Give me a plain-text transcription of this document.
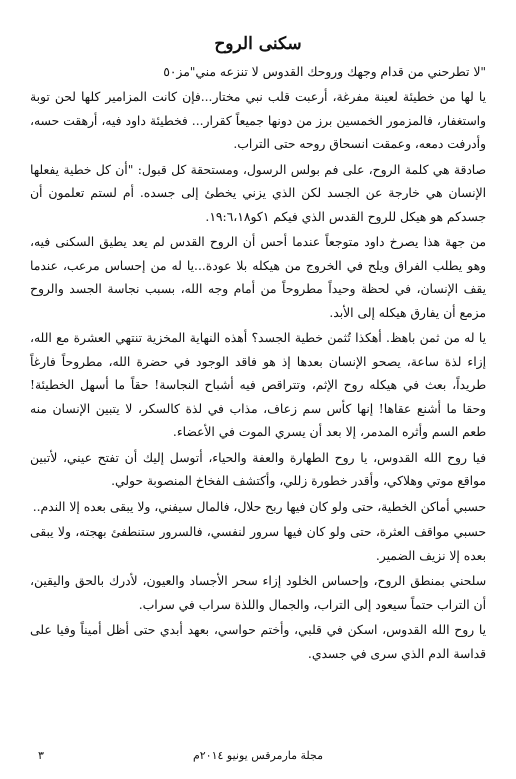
سكنى الروح
"لا تطرحني من قدام وجهك وروحك القدوس لا تنزعه مني"مز٥٠

يا لها من خطيئة لعينة مفرغة، أرعبت قلب نبي مختار...فإن كانت المزامير كلها لحن توبة واستغفار، فالمزمور الخمسين برز من دونها جميعاً كقرار... فخطيئة داود فيه، أرهقت حسه، وأدرفت دمعه، وعمقت انسحاق روحه حتى التراب.

صادقة هي كلمة الروح، على فم بولس الرسول، ومستحقة كل قبول: "أن كل خطية يفعلها الإنسان هي خارجة عن الجسد لكن الذي يزني يخطئ إلى جسده. أم لستم تعلمون أن جسدكم هو هيكل للروح القدس الذي فيكم ١كو١٩:٦،١٨.

من جهة هذا يصرخ داود متوجعاً عندما أحس أن الروح القدس لم يعد يطيق السكنى فيه، وهو يطلب الفراق ويلح في الخروج من هيكله بلا عودة...يا له من إحساس مرعب، عندما يقف الإنسان، في لحظة وحيداً مطروحاً من أمام وجه الله، بسبب نجاسة الجسد والروح مزمع أن يفارق هيكله إلى الأبد.

يا له من ثمن باهظ. أهكذا تُثمن خطية الجسد؟ أهذه النهاية المخزية تنتهي العشرة مع الله، إزاء لذة ساعة، يصحو الإنسان بعدها إذ هو فاقد الوجود في حضرة الله، مطروحاً فارغاً طريداً، بعث في هيكله روح الإثم، وتتراقص فيه أشباح النجاسة! حقاً ما أسهل الخطيئة! وحقا ما أشنع عقاها! إنها كأس سم زعاف، مذاب في لذة كالسكر، لا يتبين الإنسان منه طعم السم وأثره المدمر، إلا بعد أن يسري الموت في الأعضاء.

فيا روح الله القدوس، يا روح الطهارة والعفة والحياء، أتوسل إليك أن تفتح عيني، لأتبين مواقع موتي وهلاكي، وأقدر خطورة زللي، وأكتشف الفخاخ المنصوبة حولي.

حسبي أماكن الخطية، حتى ولو كان فيها ربح حلال، فالمال سيفني، ولا يبقى بعده إلا الندم..

حسبي مواقف العثرة، حتى ولو كان فيها سرور لنفسي، فالسرور ستنطفئ بهجته، ولا يبقى بعده إلا نزيف الضمير.

سلحني بمنطق الروح، وإحساس الخلود إزاء سحر الأجساد والعيون، لأدرك بالحق واليقين، أن التراب حتماً سيعود إلى التراب، والجمال واللذة سراب في سراب.

يا روح الله القدوس، اسكن في قلبي، وأختم حواسي، بعهد أبدي حتى أظل أميناً وفيا على قداسة الدم الذي سرى في جسدي.

٣	مجلة مارمرقس يونيو ٢٠١٤م
